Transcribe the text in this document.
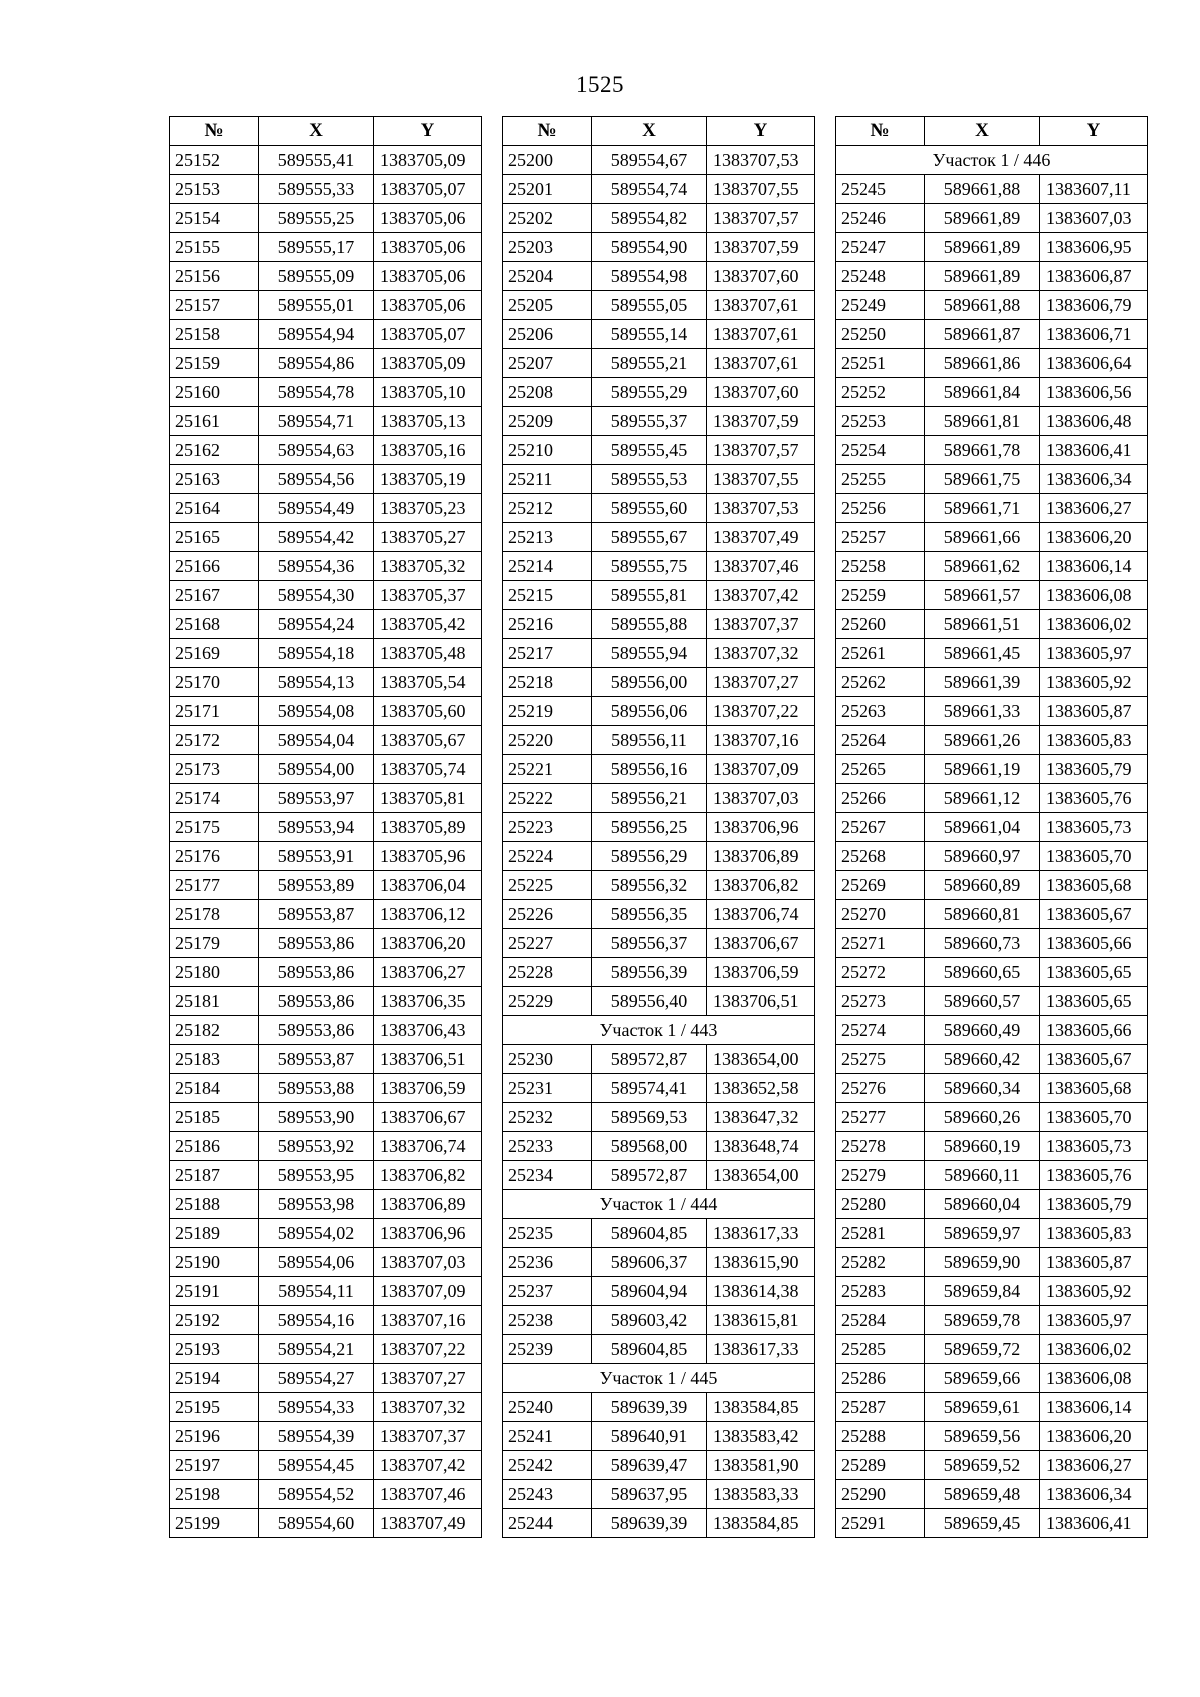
1525
№	X	Y
25152	589555,41	1383705,09
25153	589555,33	1383705,07
25154	589555,25	1383705,06
25155	589555,17	1383705,06
25156	589555,09	1383705,06
25157	589555,01	1383705,06
25158	589554,94	1383705,07
25159	589554,86	1383705,09
25160	589554,78	1383705,10
25161	589554,71	1383705,13
25162	589554,63	1383705,16
25163	589554,56	1383705,19
25164	589554,49	1383705,23
25165	589554,42	1383705,27
25166	589554,36	1383705,32
25167	589554,30	1383705,37
25168	589554,24	1383705,42
25169	589554,18	1383705,48
25170	589554,13	1383705,54
25171	589554,08	1383705,60
25172	589554,04	1383705,67
25173	589554,00	1383705,74
25174	589553,97	1383705,81
25175	589553,94	1383705,89
25176	589553,91	1383705,96
25177	589553,89	1383706,04
25178	589553,87	1383706,12
25179	589553,86	1383706,20
25180	589553,86	1383706,27
25181	589553,86	1383706,35
25182	589553,86	1383706,43
25183	589553,87	1383706,51
25184	589553,88	1383706,59
25185	589553,90	1383706,67
25186	589553,92	1383706,74
25187	589553,95	1383706,82
25188	589553,98	1383706,89
25189	589554,02	1383706,96
25190	589554,06	1383707,03
25191	589554,11	1383707,09
25192	589554,16	1383707,16
25193	589554,21	1383707,22
25194	589554,27	1383707,27
25195	589554,33	1383707,32
25196	589554,39	1383707,37
25197	589554,45	1383707,42
25198	589554,52	1383707,46
25199	589554,60	1383707,49
№	X	Y
25200	589554,67	1383707,53
25201	589554,74	1383707,55
25202	589554,82	1383707,57
25203	589554,90	1383707,59
25204	589554,98	1383707,60
25205	589555,05	1383707,61
25206	589555,14	1383707,61
25207	589555,21	1383707,61
25208	589555,29	1383707,60
25209	589555,37	1383707,59
25210	589555,45	1383707,57
25211	589555,53	1383707,55
25212	589555,60	1383707,53
25213	589555,67	1383707,49
25214	589555,75	1383707,46
25215	589555,81	1383707,42
25216	589555,88	1383707,37
25217	589555,94	1383707,32
25218	589556,00	1383707,27
25219	589556,06	1383707,22
25220	589556,11	1383707,16
25221	589556,16	1383707,09
25222	589556,21	1383707,03
25223	589556,25	1383706,96
25224	589556,29	1383706,89
25225	589556,32	1383706,82
25226	589556,35	1383706,74
25227	589556,37	1383706,67
25228	589556,39	1383706,59
25229	589556,40	1383706,51
Участок 1 / 443		
25230	589572,87	1383654,00
25231	589574,41	1383652,58
25232	589569,53	1383647,32
25233	589568,00	1383648,74
25234	589572,87	1383654,00
Участок 1 / 444		
25235	589604,85	1383617,33
25236	589606,37	1383615,90
25237	589604,94	1383614,38
25238	589603,42	1383615,81
25239	589604,85	1383617,33
Участок 1 / 445		
25240	589639,39	1383584,85
25241	589640,91	1383583,42
25242	589639,47	1383581,90
25243	589637,95	1383583,33
25244	589639,39	1383584,85
№	X	Y
Участок 1 / 446		
25245	589661,88	1383607,11
25246	589661,89	1383607,03
25247	589661,89	1383606,95
25248	589661,89	1383606,87
25249	589661,88	1383606,79
25250	589661,87	1383606,71
25251	589661,86	1383606,64
25252	589661,84	1383606,56
25253	589661,81	1383606,48
25254	589661,78	1383606,41
25255	589661,75	1383606,34
25256	589661,71	1383606,27
25257	589661,66	1383606,20
25258	589661,62	1383606,14
25259	589661,57	1383606,08
25260	589661,51	1383606,02
25261	589661,45	1383605,97
25262	589661,39	1383605,92
25263	589661,33	1383605,87
25264	589661,26	1383605,83
25265	589661,19	1383605,79
25266	589661,12	1383605,76
25267	589661,04	1383605,73
25268	589660,97	1383605,70
25269	589660,89	1383605,68
25270	589660,81	1383605,67
25271	589660,73	1383605,66
25272	589660,65	1383605,65
25273	589660,57	1383605,65
25274	589660,49	1383605,66
25275	589660,42	1383605,67
25276	589660,34	1383605,68
25277	589660,26	1383605,70
25278	589660,19	1383605,73
25279	589660,11	1383605,76
25280	589660,04	1383605,79
25281	589659,97	1383605,83
25282	589659,90	1383605,87
25283	589659,84	1383605,92
25284	589659,78	1383605,97
25285	589659,72	1383606,02
25286	589659,66	1383606,08
25287	589659,61	1383606,14
25288	589659,56	1383606,20
25289	589659,52	1383606,27
25290	589659,48	1383606,34
25291	589659,45	1383606,41
